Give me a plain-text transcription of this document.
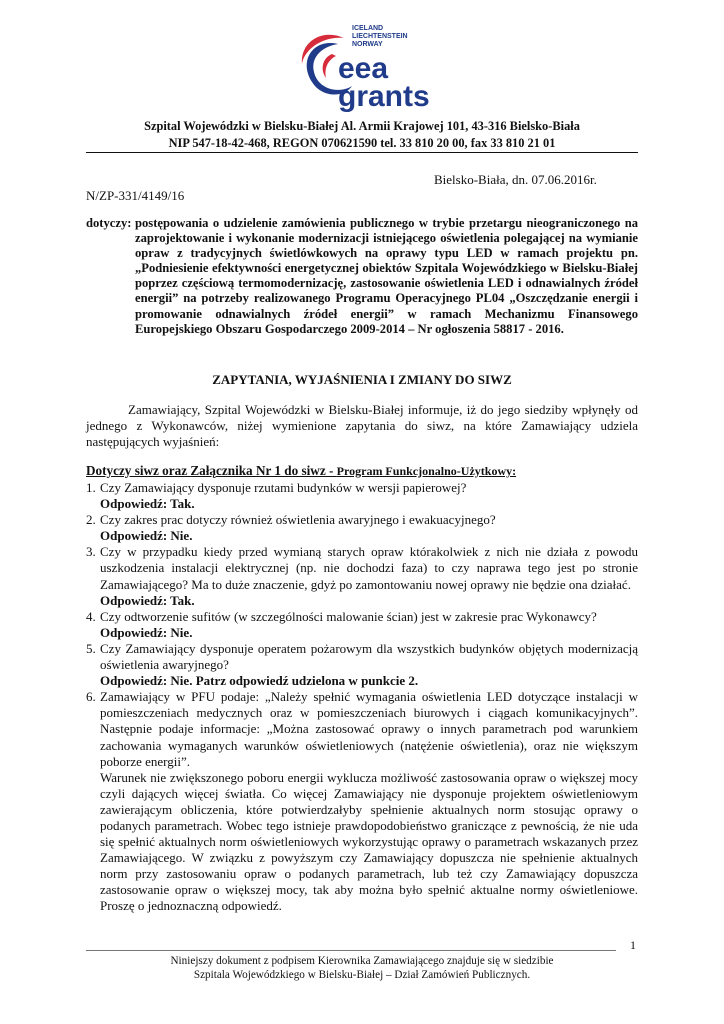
ICELAND
LIECHTENSTEIN
NORWAY
eea
grants
Szpital Wojewódzki w Bielsku-Białej Al. Armii Krajowej 101, 43-316 Bielsko-Biała
NIP 547-18-42-468, REGON 070621590 tel. 33 810 20 00, fax 33 810 21 01
Bielsko-Biała, dn. 07.06.2016r.
N/ZP-331/4149/16
dotyczy: postępowania o udzielenie zamówienia publicznego w trybie przetargu nieograniczonego na zaprojektowanie i wykonanie modernizacji istniejącego oświetlenia polegającej na wymianie opraw z tradycyjnych świetlówkowych na oprawy typu LED w ramach projektu pn. „Podniesienie efektywności energetycznej obiektów Szpitala Wojewódzkiego w Bielsku-Białej poprzez częściową termomodernizację, zastosowanie oświetlenia LED i odnawialnych źródeł energii” na potrzeby realizowanego Programu Operacyjnego PL04 „Oszczędzanie energii i promowanie odnawialnych źródeł energii” w ramach Mechanizmu Finansowego Europejskiego Obszaru Gospodarczego 2009-2014 – Nr ogłoszenia 58817 - 2016.
ZAPYTANIA, WYJAŚNIENIA I ZMIANY DO SIWZ
Zamawiający, Szpital Wojewódzki w Bielsku-Białej informuje, iż do jego siedziby wpłynęły od jednego z Wykonawców, niżej wymienione zapytania do siwz, na które Zamawiający udziela następujących wyjaśnień:
Dotyczy siwz oraz Załącznika Nr 1 do siwz - Program Funkcjonalno-Użytkowy:
1. Czy Zamawiający dysponuje rzutami budynków w wersji papierowej?
Odpowiedź: Tak.
2. Czy zakres prac dotyczy również oświetlenia awaryjnego i ewakuacyjnego?
Odpowiedź: Nie.
3. Czy w przypadku kiedy przed wymianą starych opraw którakolwiek z nich nie działa z powodu uszkodzenia instalacji elektrycznej (np. nie dochodzi faza) to czy naprawa tego jest po stronie Zamawiającego? Ma to duże znaczenie, gdyż po zamontowaniu nowej oprawy nie będzie ona działać.
Odpowiedź: Tak.
4. Czy odtworzenie sufitów (w szczególności malowanie ścian) jest w zakresie prac Wykonawcy?
Odpowiedź: Nie.
5. Czy Zamawiający dysponuje operatem pożarowym dla wszystkich budynków objętych modernizacją oświetlenia awaryjnego?
Odpowiedź: Nie. Patrz odpowiedź udzielona w punkcie 2.
6. Zamawiający w PFU podaje: „Należy spełnić wymagania oświetlenia LED dotyczące instalacji w pomieszczeniach medycznych oraz w pomieszczeniach biurowych i ciągach komunikacyjnych”. Następnie podaje informacje: „Można zastosować oprawy o innych parametrach pod warunkiem zachowania wymaganych warunków oświetleniowych (natężenie oświetlenia), oraz nie większym poborze energii”.
Warunek nie zwiększonego poboru energii wyklucza możliwość zastosowania opraw o większej mocy czyli dających więcej światła. Co więcej Zamawiający nie dysponuje projektem oświetleniowym zawierającym obliczenia, które potwierdzałyby spełnienie aktualnych norm stosując oprawy o podanych parametrach. Wobec tego istnieje prawdopodobieństwo graniczące z pewnością, że nie uda się spełnić aktualnych norm oświetleniowych wykorzystując oprawy o parametrach wskazanych przez Zamawiającego. W związku z powyższym czy Zamawiający dopuszcza nie spełnienie aktualnych norm przy zastosowaniu opraw o podanych parametrach, lub też czy Zamawiający dopuszcza zastosowanie opraw o większej mocy, tak aby można było spełnić aktualne normy oświetleniowe. Proszę o jednoznaczną odpowiedź.
1
Niniejszy dokument z podpisem Kierownika Zamawiającego znajduje się w siedzibie
Szpitala Wojewódzkiego w Bielsku-Białej – Dział Zamówień Publicznych.
